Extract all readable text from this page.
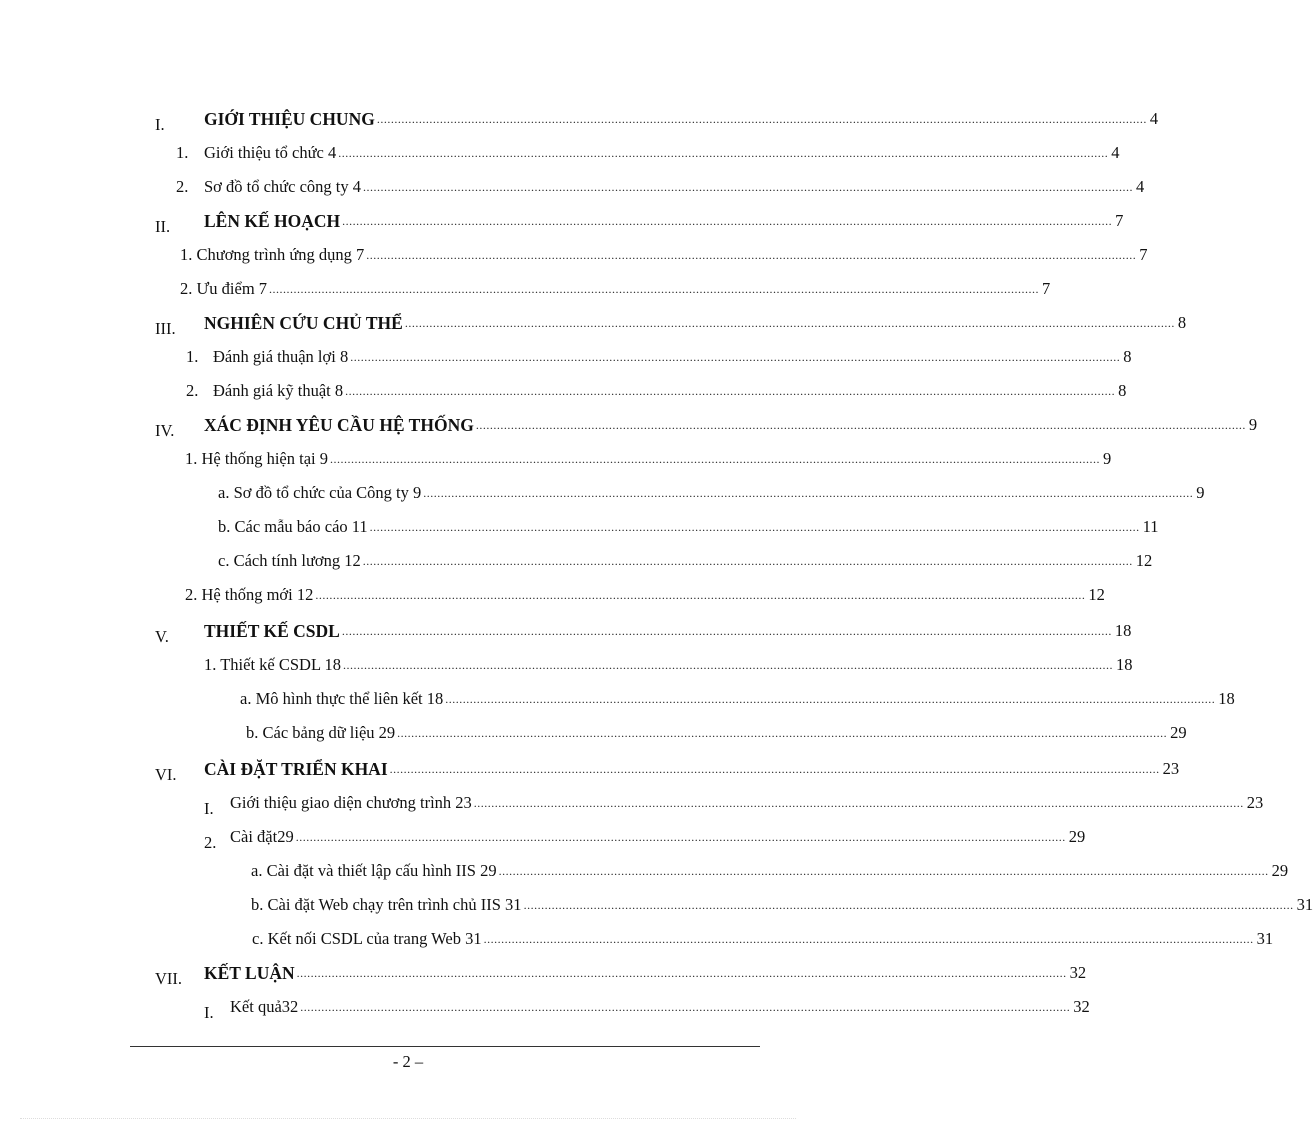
I. GIỚI THIỆU CHUNG ............................................................................................................................................................................................................................ 4
1. Giới thiệu tổ chức 4 ............................................................................................................................................................................................................................ 4
2. Sơ đồ tổ chức công ty 4 ............................................................................................................................................................................................................................ 4
II. LÊN KẾ HOẠCH ............................................................................................................................................................................................................................ 7
1. Chương trình ứng dụng 7 ............................................................................................................................................................................................................................ 7
2. Ưu điểm 7 ............................................................................................................................................................................................................................ 7
III. NGHIÊN CỨU CHỦ THỂ ............................................................................................................................................................................................................................ 8
1. Đánh giá thuận lợi 8 ............................................................................................................................................................................................................................ 8
2. Đánh giá kỹ thuật 8 ............................................................................................................................................................................................................................ 8
IV. XÁC ĐỊNH YÊU CẦU HỆ THỐNG ............................................................................................................................................................................................................................ 9
1. Hệ thống hiện tại 9 ............................................................................................................................................................................................................................ 9
a. Sơ đồ tổ chức của Công ty 9 ............................................................................................................................................................................................................................ 9
b. Các mẫu báo cáo 11 ............................................................................................................................................................................................................................ 11
c. Cách tính lương 12 ............................................................................................................................................................................................................................ 12
2. Hệ thống mới 12 ............................................................................................................................................................................................................................ 12
V. THIẾT KẾ CSDL ............................................................................................................................................................................................................................ 18
1. Thiết kế CSDL 18 ............................................................................................................................................................................................................................ 18
a. Mô hình thực thể liên kết 18 ............................................................................................................................................................................................................................ 18
b. Các bảng dữ liệu 29 ............................................................................................................................................................................................................................ 29
VI. CÀI ĐẶT TRIỂN KHAI ............................................................................................................................................................................................................................ 23
I. Giới thiệu giao diện chương trình 23 ............................................................................................................................................................................................................................ 23
2. Cài đặt29 ............................................................................................................................................................................................................................ 29
a. Cài đặt và thiết lập cấu hình IIS 29 ............................................................................................................................................................................................................................ 29
b. Cài đặt Web chạy trên trình chủ IIS 31 ............................................................................................................................................................................................................................ 31
c. Kết nối CSDL của trang Web 31 ............................................................................................................................................................................................................................ 31
VII. KẾT LUẬN ............................................................................................................................................................................................................................ 32
I. Kết quả32 ............................................................................................................................................................................................................................ 32
- 2 –
